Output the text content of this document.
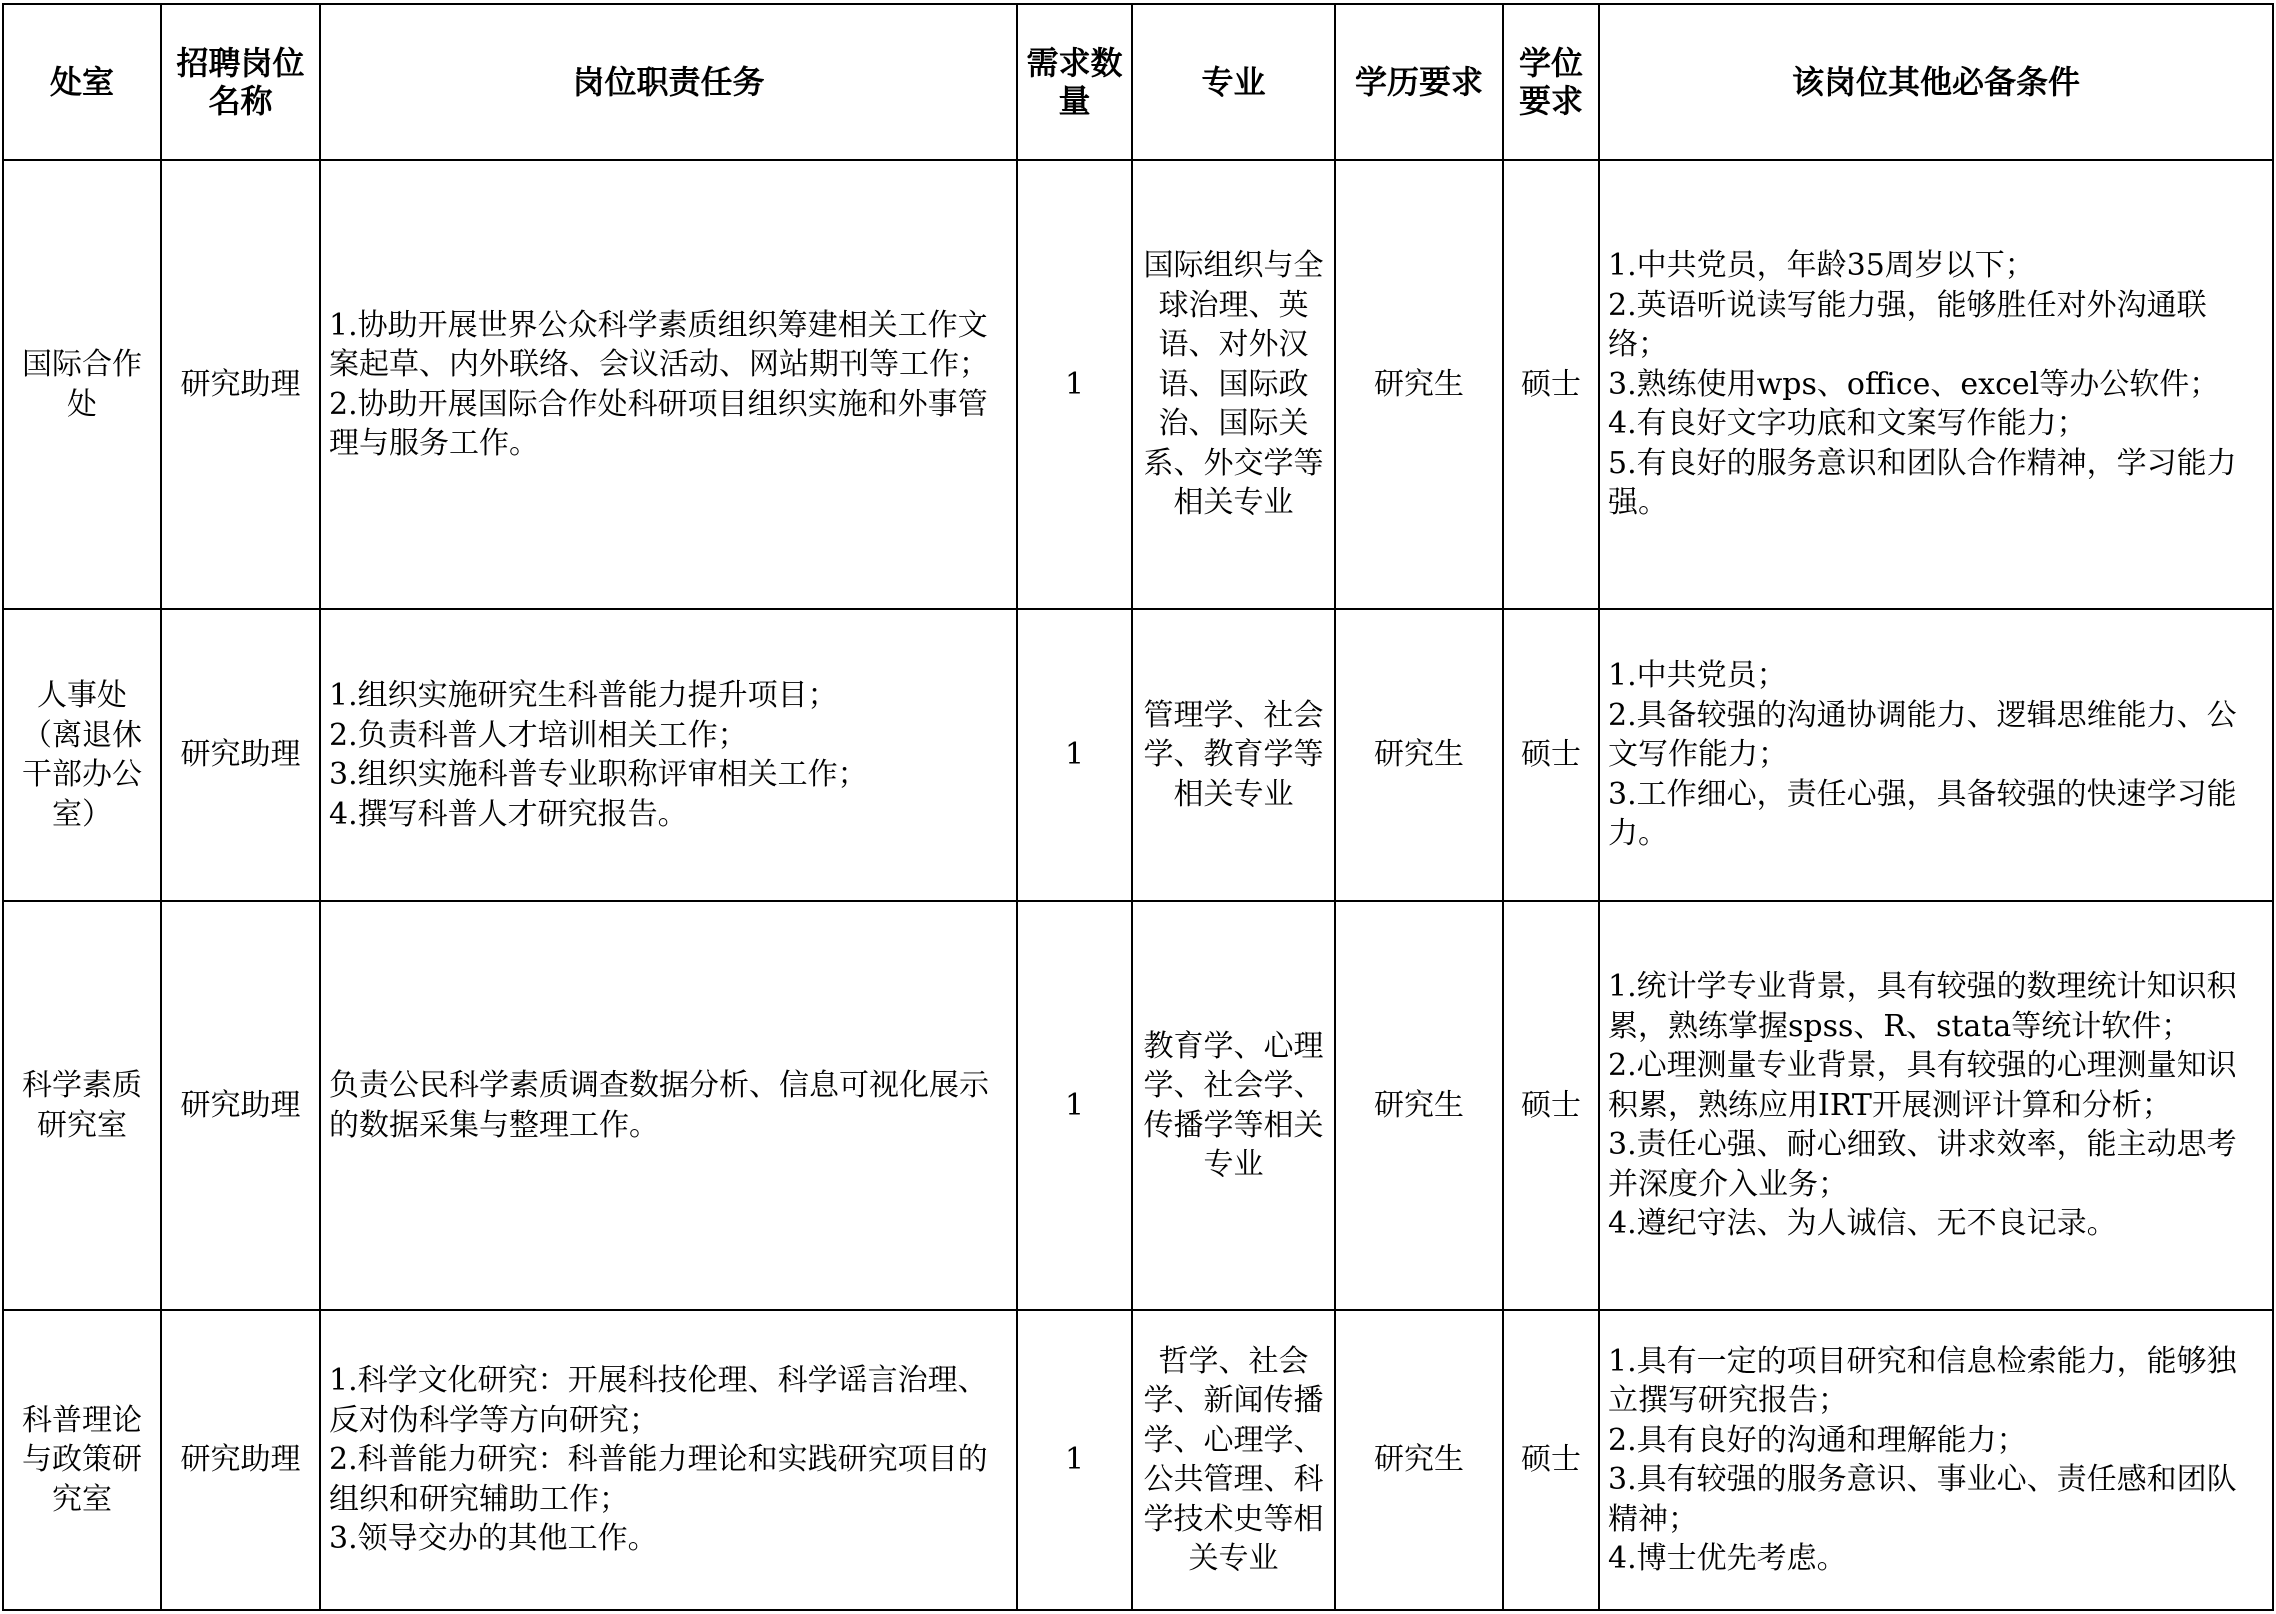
处室	招聘岗位名称	岗位职责任务	需求数量	专业	学历要求	学位要求	该岗位其他必备条件
国际合作处	研究助理	1.协助开展世界公众科学素质组织筹建相关工作文案起草、内外联络、会议活动、网站期刊等工作；
2.协助开展国际合作处科研项目组织实施和外事管理与服务工作。	1	国际组织与全球治理、英语、对外汉语、国际政治、国际关系、外交学等相关专业	研究生	硕士	1.中共党员，年龄35周岁以下；
2.英语听说读写能力强，能够胜任对外沟通联络；
3.熟练使用wps、office、excel等办公软件；
4.有良好文字功底和文案写作能力；
5.有良好的服务意识和团队合作精神，学习能力强。

人事处（离退休干部办公室）	研究助理	1.组织实施研究生科普能力提升项目；
2.负责科普人才培训相关工作；
3.组织实施科普专业职称评审相关工作；
4.撰写科普人才研究报告。	1	管理学、社会学、教育学等相关专业	研究生	硕士	1.中共党员；
2.具备较强的沟通协调能力、逻辑思维能力、公文写作能力；
3.工作细心，责任心强，具备较强的快速学习能力。

科学素质研究室	研究助理	负责公民科学素质调查数据分析、信息可视化展示的数据采集与整理工作。	1	教育学、心理学、社会学、传播学等相关专业	研究生	硕士	1.统计学专业背景，具有较强的数理统计知识积累，熟练掌握spss、R、stata等统计软件；
2.心理测量专业背景，具有较强的心理测量知识积累，熟练应用IRT开展测评计算和分析；
3.责任心强、耐心细致、讲求效率，能主动思考并深度介入业务；
4.遵纪守法、为人诚信、无不良记录。

科普理论与政策研究室	研究助理	1.科学文化研究：开展科技伦理、科学谣言治理、反对伪科学等方向研究；
2.科普能力研究：科普能力理论和实践研究项目的组织和研究辅助工作；
3.领导交办的其他工作。	1	哲学、社会学、新闻传播学、心理学、公共管理、科学技术史等相关专业	研究生	硕士	1.具有一定的项目研究和信息检索能力，能够独立撰写研究报告；
2.具有良好的沟通和理解能力；
3.具有较强的服务意识、事业心、责任感和团队精神；
4.博士优先考虑。
